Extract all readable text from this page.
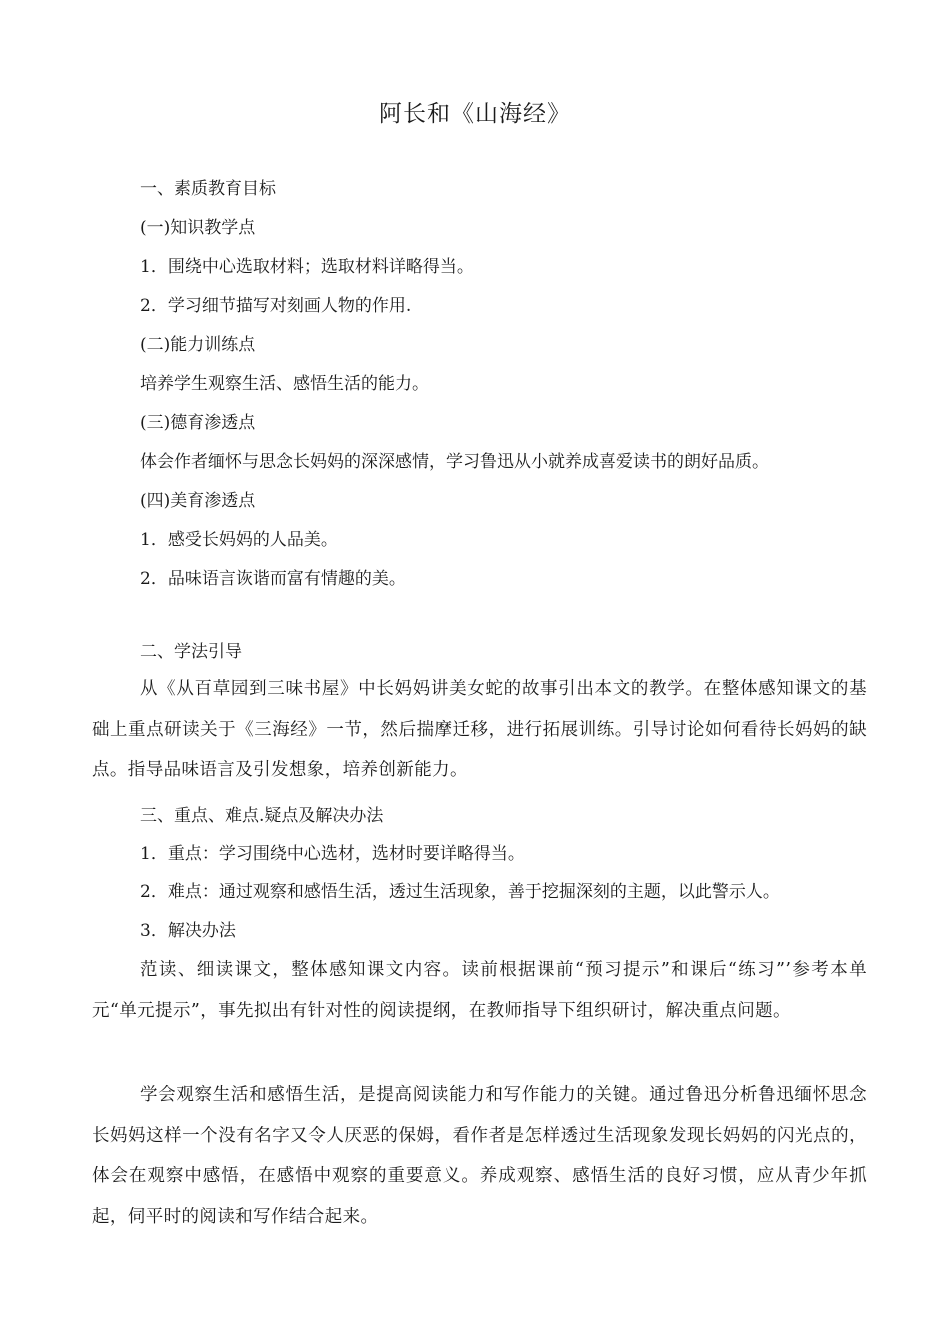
阿长和《山海经》
一、素质教育目标
(一)知识教学点
1．围绕中心选取材料；选取材料详略得当。
2．学习细节描写对刻画人物的作用.
(二)能力训练点
培养学生观察生活、感悟生活的能力。
(三)德育渗透点
体会作者缅怀与思念长妈妈的深深感情，学习鲁迅从小就养成喜爱读书的朗好品质。
(四)美育渗透点
1．感受长妈妈的人品美。
2．品味语言诙谐而富有情趣的美。
二、学法引导
从《从百草园到三味书屋》中长妈妈讲美女蛇的故事引出本文的教学。在整体感知课文的基础上重点研读关于《三海经》一节，然后揣摩迁移，进行拓展训练。引导讨论如何看待长妈妈的缺点。指导品味语言及引发想象，培养创新能力。
三、重点、难点.疑点及解决办法
1．重点：学习围绕中心选材，选材时要详略得当。
2．难点：通过观察和感悟生活，透过生活现象，善于挖掘深刻的主题，以此警示人。
3．解决办法
范读、细读课文，整体感知课文内容。读前根据课前“预习提示”和课后“练习”’参考本单元“单元提示”，事先拟出有针对性的阅读提纲，在教师指导下组织研讨，解决重点问题。
学会观察生活和感悟生活，是提高阅读能力和写作能力的关键。通过鲁迅分析鲁迅缅怀思念长妈妈这样一个没有名字又令人厌恶的保姆，看作者是怎样透过生活现象发现长妈妈的闪光点的，体会在观察中感悟，在感悟中观察的重要意义。养成观察、感悟生活的良好习惯，应从青少年抓起，伺平时的阅读和写作结合起来。
